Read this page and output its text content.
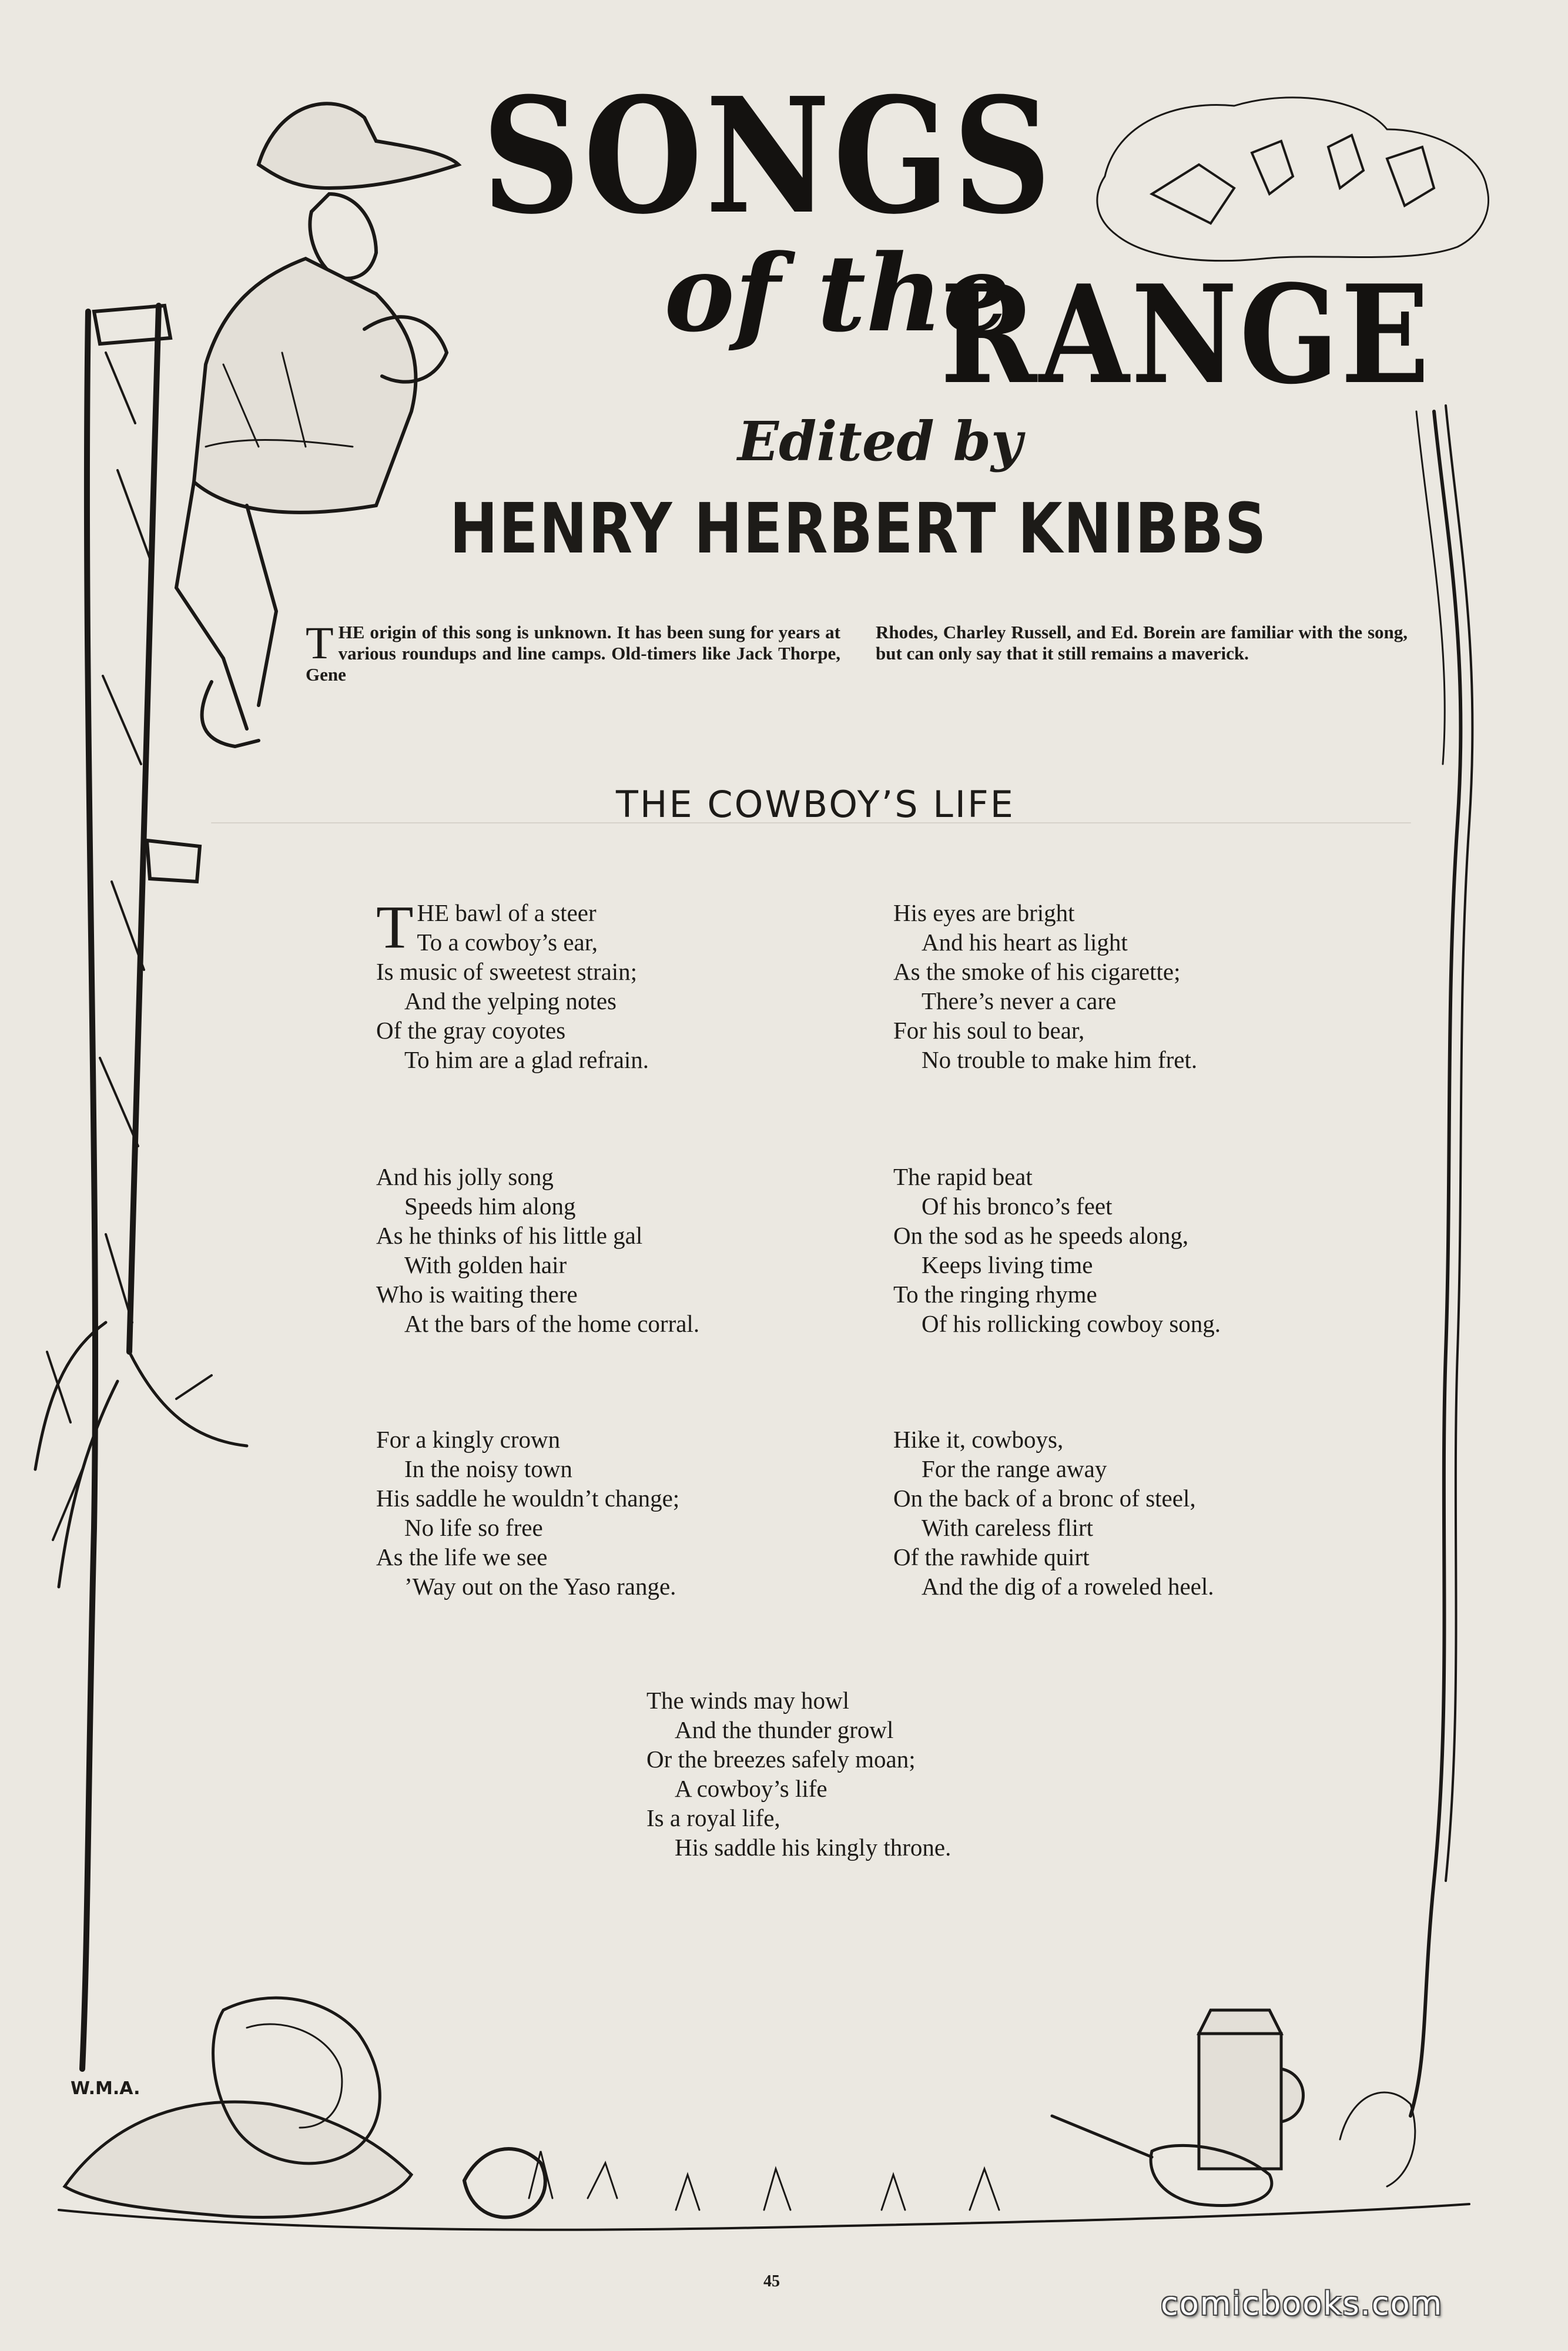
SONGS
of the
RANGE
Edited by
HENRY HERBERT KNIBBS
THE origin of this song is unknown. It has been sung for years at various roundups and line camps. Old-timers like Jack Thorpe, Gene
Rhodes, Charley Russell, and Ed. Borein are familiar with the song, but can only say that it still remains a maverick.
THE COWBOY’S LIFE
T HE bawl of a steer
To a cowboy’s ear,
Is music of sweetest strain;
And the yelping notes
Of the gray coyotes
To him are a glad refrain.
His eyes are bright
And his heart as light
As the smoke of his cigarette;
There’s never a care
For his soul to bear,
No trouble to make him fret.
And his jolly song
Speeds him along
As he thinks of his little gal
With golden hair
Who is waiting there
At the bars of the home corral.
The rapid beat
Of his bronco’s feet
On the sod as he speeds along,
Keeps living time
To the ringing rhyme
Of his rollicking cowboy song.
For a kingly crown
In the noisy town
His saddle he wouldn’t change;
No life so free
As the life we see
’Way out on the Yaso range.
Hike it, cowboys,
For the range away
On the back of a bronc of steel,
With careless flirt
Of the rawhide quirt
And the dig of a roweled heel.
The winds may howl
And the thunder growl
Or the breezes safely moan;
A cowboy’s life
Is a royal life,
His saddle his kingly throne.
W.M.A.
45
comicbooks.com
